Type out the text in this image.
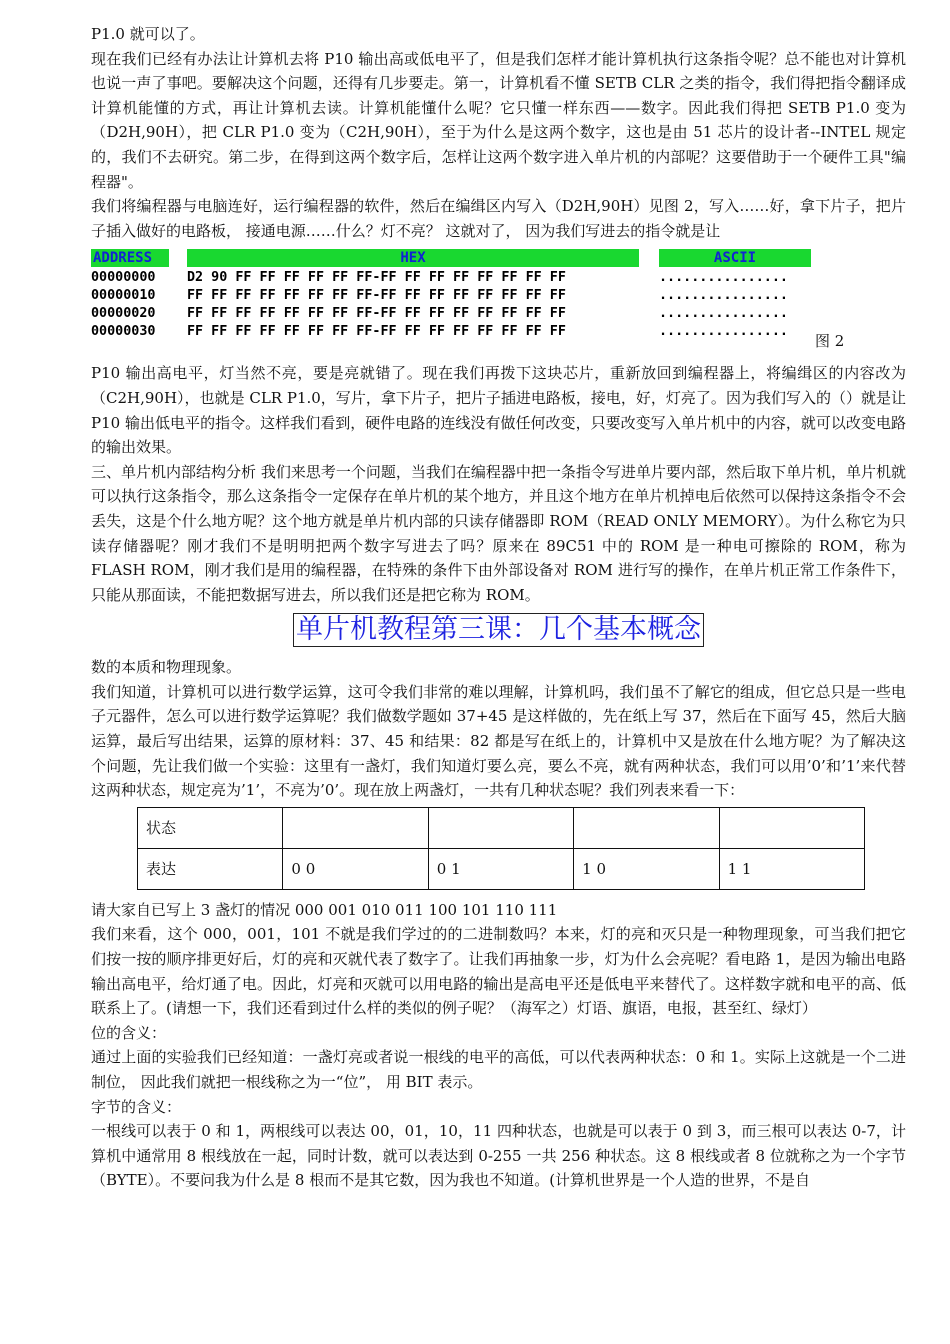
P1.0 就可以了。

现在我们已经有办法让计算机去将 P10 输出高或低电平了，但是我们怎样才能计算机执行这条指令呢？总不能也对计算机也说一声了事吧。要解决这个问题，还得有几步要走。第一，计算机看不懂 SETB CLR 之类的指令，我们得把指令翻译成计算机能懂的方式，再让计算机去读。计算机能懂什么呢？它只懂一样东西——数字。因此我们得把 SETB P1.0 变为（D2H,90H），把 CLR P1.0 变为（C2H,90H），至于为什么是这两个数字，这也是由 51 芯片的设计者--INTEL 规定的，我们不去研究。第二步，在得到这两个数字后，怎样让这两个数字进入单片机的内部呢？这要借助于一个硬件工具"编程器"。

我们将编程器与电脑连好，运行编程器的软件，然后在编缉区内写入（D2H,90H）见图 2，写入……好，拿下片子，把片子插入做好的电路板， 接通电源……什么？灯不亮？ 这就对了， 因为我们写进去的指令就是让

ADDRESS	HEX	ASCII
00000000 D2 90 FF FF FF FF FF FF-FF FF FF FF FF FF FF FF	................
00000010 FF FF FF FF FF FF FF FF-FF FF FF FF FF FF FF FF	................
00000020 FF FF FF FF FF FF FF FF-FF FF FF FF FF FF FF FF	................
00000030 FF FF FF FF FF FF FF FF-FF FF FF FF FF FF FF FF	................
图 2

P10 输出高电平，灯当然不亮，要是亮就错了。现在我们再拨下这块芯片，重新放回到编程器上，将编缉区的内容改为（C2H,90H），也就是 CLR P1.0，写片，拿下片子，把片子插进电路板，接电，好，灯亮了。因为我们写入的（）就是让 P10 输出低电平的指令。这样我们看到，硬件电路的连线没有做任何改变，只要改变写入单片机中的内容，就可以改变电路的输出效果。

三、单片机内部结构分析 我们来思考一个问题，当我们在编程器中把一条指令写进单片要内部，然后取下单片机，单片机就可以执行这条指令，那么这条指令一定保存在单片机的某个地方，并且这个地方在单片机掉电后依然可以保持这条指令不会丢失，这是个什么地方呢？这个地方就是单片机内部的只读存储器即 ROM（READ ONLY MEMORY）。为什么称它为只读存储器呢？刚才我们不是明明把两个数字写进去了吗？原来在 89C51 中的 ROM 是一种电可擦除的 ROM，称为 FLASH ROM，刚才我们是用的编程器，在特殊的条件下由外部设备对 ROM 进行写的操作，在单片机正常工作条件下，只能从那面读，不能把数据写进去，所以我们还是把它称为 ROM。

单片机教程第三课：几个基本概念

数的本质和物理现象。

我们知道，计算机可以进行数学运算，这可令我们非常的难以理解，计算机吗，我们虽不了解它的组成，但它总只是一些电子元器件，怎么可以进行数学运算呢？我们做数学题如 37+45 是这样做的，先在纸上写 37，然后在下面写 45，然后大脑运算，最后写出结果，运算的原材料：37、45 和结果：82 都是写在纸上的，计算机中又是放在什么地方呢？为了解决这个问题，先让我们做一个实验：这里有一盏灯，我们知道灯要么亮，要么不亮，就有两种状态，我们可以用’0’和’1’来代替这两种状态，规定亮为’1’，不亮为’0’。现在放上两盏灯，一共有几种状态呢？我们列表来看一下：

状态				
表达	0 0	0 1	1 0	1 1

请大家自已写上 3 盏灯的情况 000 001 010 011 100 101 110 111

我们来看，这个 000，001，101 不就是我们学过的的二进制数吗？本来，灯的亮和灭只是一种物理现象，可当我们把它们按一按的顺序排更好后，灯的亮和灭就代表了数字了。让我们再抽象一步，灯为什么会亮呢？看电路 1，是因为输出电路输出高电平，给灯通了电。因此，灯亮和灭就可以用电路的输出是高电平还是低电平来替代了。这样数字就和电平的高、低联系上了。(请想一下，我们还看到过什么样的类似的例子呢？（海军之）灯语、旗语，电报，甚至红、绿灯）

位的含义：

通过上面的实验我们已经知道：一盏灯亮或者说一根线的电平的高低，可以代表两种状态：0 和 1。实际上这就是一个二进制位， 因此我们就把一根线称之为一“位”， 用 BIT 表示。

字节的含义：

一根线可以表于 0 和 1，两根线可以表达 00，01，10，11 四种状态，也就是可以表于 0 到 3，而三根可以表达 0-7，计算机中通常用 8 根线放在一起，同时计数，就可以表达到 0-255 一共 256 种状态。这 8 根线或者 8 位就称之为一个字节（BYTE）。不要问我为什么是 8 根而不是其它数，因为我也不知道。(计算机世界是一个人造的世界，不是自
